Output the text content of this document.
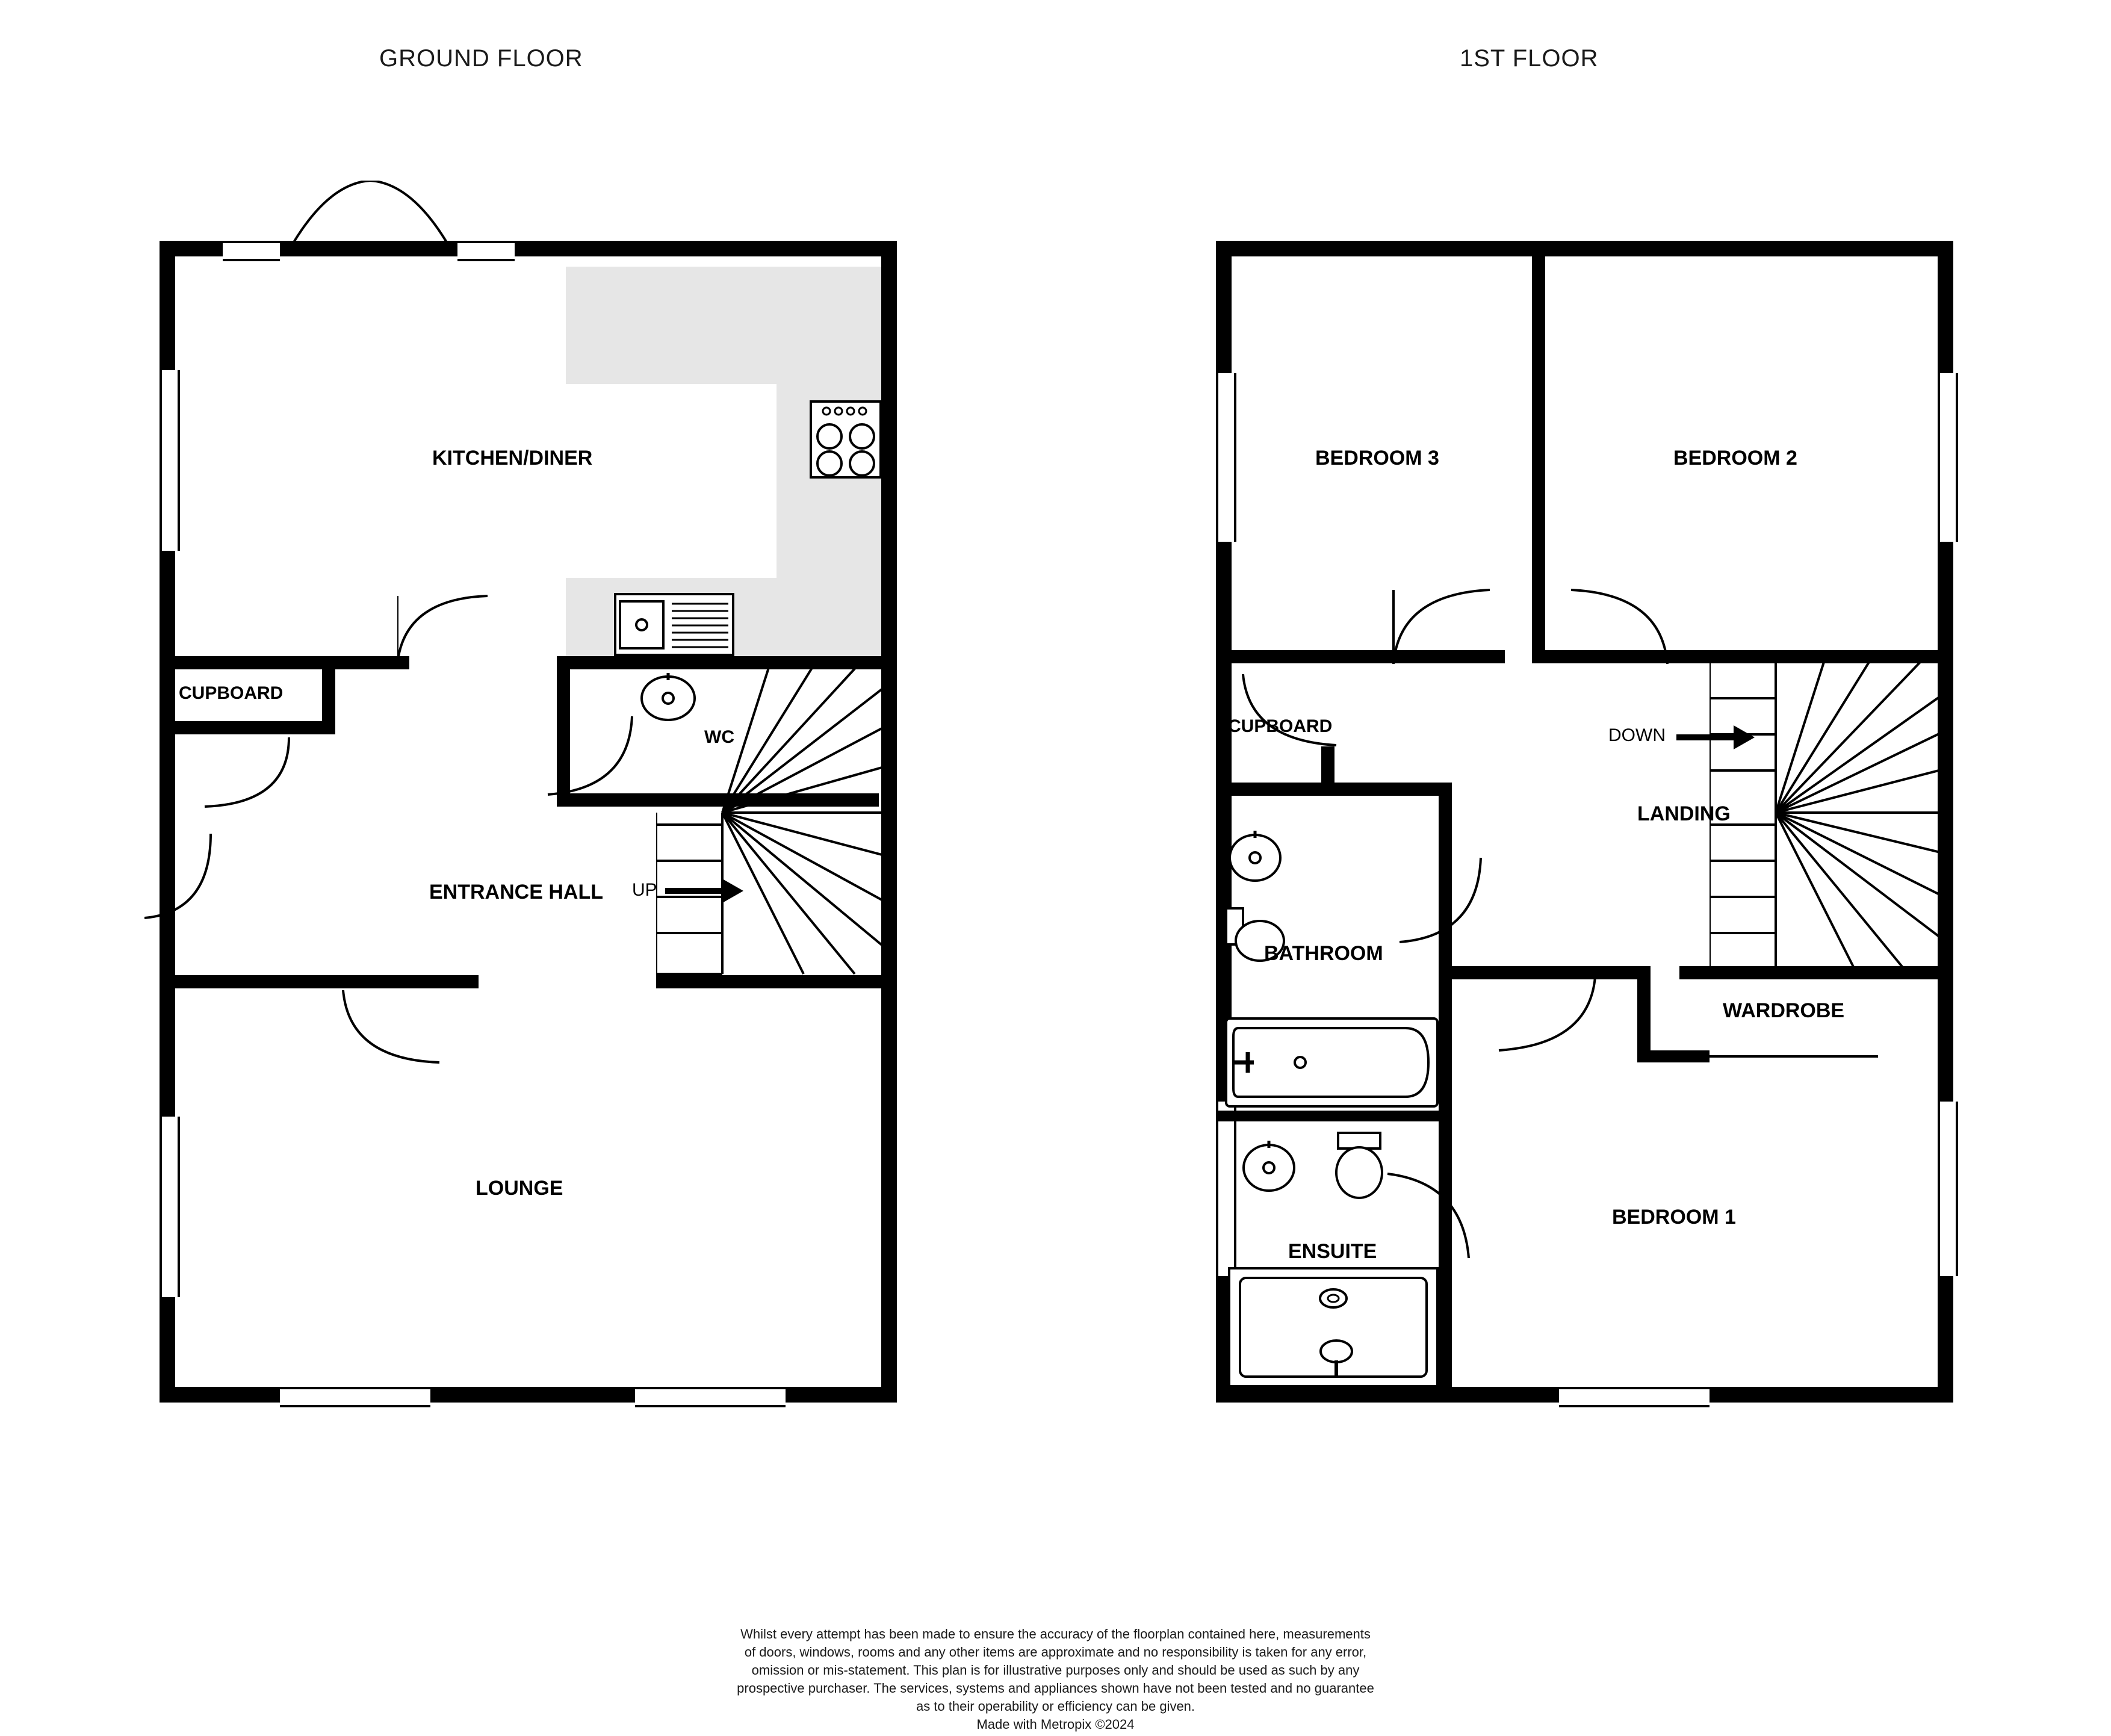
GROUND FLOOR	1ST FLOOR
KITCHEN/DINER
CUPBOARD
WC
ENTRANCE HALL UP
LOUNGE
BEDROOM 3	BEDROOM 2
CUPBOARD
BATHROOM
LANDING
WARDROBE
ENSUITE
BEDROOM 1
DOWN
Whilst every attempt has been made to ensure the accuracy of the floorplan contained here, measurements
of doors, windows, rooms and any other items are approximate and no responsibility is taken for any error,
omission or mis-statement. This plan is for illustrative purposes only and should be used as such by any
prospective purchaser. The services, systems and appliances shown have not been tested and no guarantee
as to their operability or efficiency can be given.
Made with Metropix ©2024
